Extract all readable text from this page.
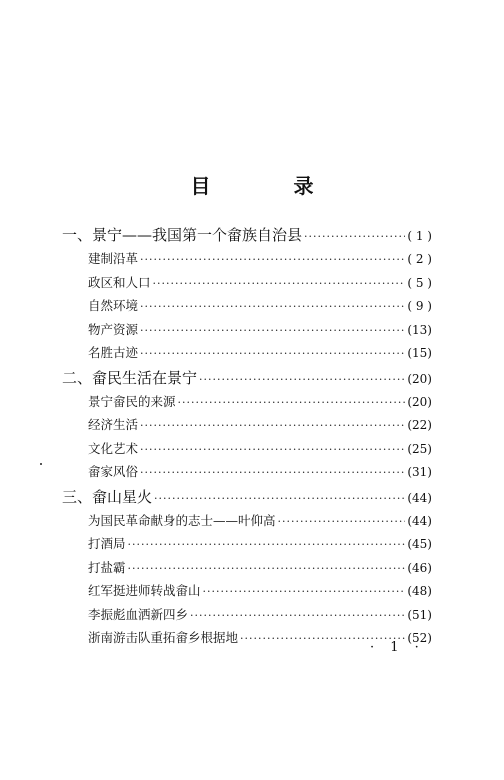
目 录
一、景宁——我国第一个畲族自治县 ·····	( 1 )
建制沿革 ·····	( 2 )
政区和人口 ·····	( 5 )
自然环境 ·····	( 9 )
物产资源 ·····	(13)
名胜古迹 ·····	(15)
二、畲民生活在景宁 ·····	(20)
景宁畲民的来源 ·····	(20)
经济生活 ·····	(22)
文化艺术 ·····	(25)
畲家风俗 ·····	(31)
三、畲山星火 ·····	(44)
为国民革命献身的志士——叶仰高 ·····	(44)
打酒局 ·····	(45)
打盐霸 ·····	(46)
红军挺进师转战畲山 ·····	(48)
李振彪血洒新四乡 ·····	(51)
浙南游击队重拓畲乡根据地 ·····	(52)
· 1 ·
